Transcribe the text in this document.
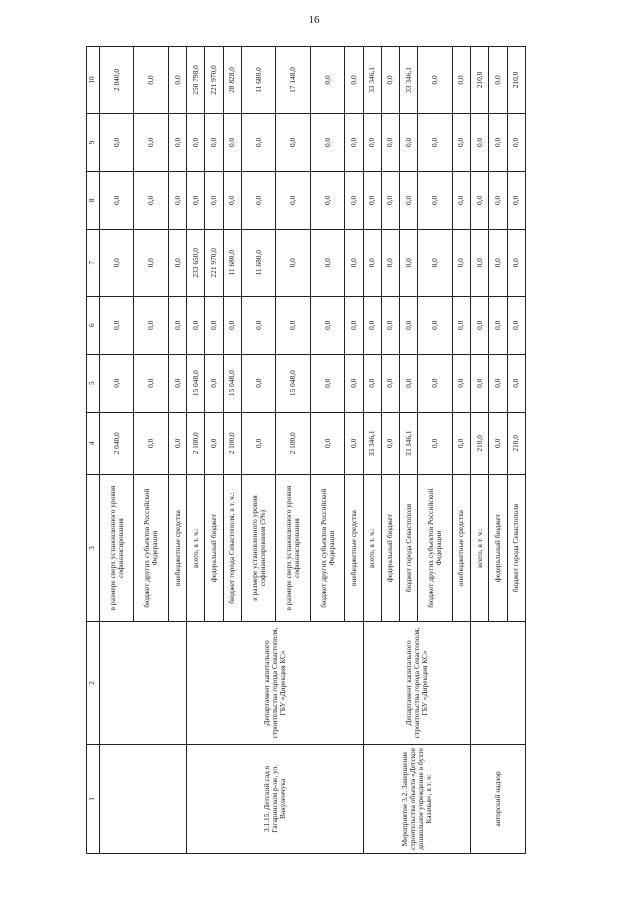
16
1	2	3	4	5	6	7	8	9	10
		в размере сверх установленного уровня софинансирования	2 040,0	0,0	0,0	0,0	0,0	0,0	2 040,0
		бюджет других субъектов Российской Федерации	0,0	0,0	0,0	0,0	0,0	0,0	0,0
		внебюджетные средства	0,0	0,0	0,0	0,0	0,0	0,0	0,0
3.1.15. Детский сад в Гагаринском р-не, ул. Вакуленчука	Департамент капитального строительства города Севастополя, ГБУ «Дирекция КС»	всего, в т. ч.:	2 100,0	15 048,0	0,0	233 650,0	0,0	0,0	250 798,0
		федеральный бюджет	0,0	0,0	0,0	221 970,0	0,0	0,0	221 970,0
		бюджет города Севастополя, в т. ч.:	2 100,0	15 048,0	0,0	11 680,0	0,0	0,0	28 828,0
		в размере установленного уровня софинансирования (5%)	0,0	0,0	0,0	11 680,0	0,0	0,0	11 680,0
		в размере сверх установленного уровня софинансирования	2 100,0	15 048,0	0,0	0,0	0,0	0,0	17 148,0
		бюджет других субъектов Российской Федерации	0,0	0,0	0,0	0,0	0,0	0,0	0,0
		внебюджетные средства	0,0	0,0	0,0	0,0	0,0	0,0	0,0
Мероприятие 3.2. Завершение строительства объекта «Детское дошкольное учреждение в бухте Казачья», в т. ч:	Департамент капитального строительства города Севастополя, ГБУ «Дирекция КС»	всего, в т. ч.:	33 346,1	0,0	0,0	0,0	0,0	0,0	33 346,1
		федеральный бюджет	0,0	0,0	0,0	0,0	0,0	0,0	0,0
		бюджет города Севастополя	33 346,1	0,0	0,0	0,0	0,0	0,0	33 346,1
		бюджет других субъектов Российской Федерации	0,0	0,0	0,0	0,0	0,0	0,0	0,0
		внебюджетные средства	0,0	0,0	0,0	0,0	0,0	0,0	0,0
авторский надзор		всего, в т. ч.:	210,0	0,0	0,0	0,0	0,0	0,0	210,0
		федеральный бюджет	0,0	0,0	0,0	0,0	0,0	0,0	0,0
		бюджет города Севастополя	210,0	0,0	0,0	0,0	0,0	0,0	210,0
